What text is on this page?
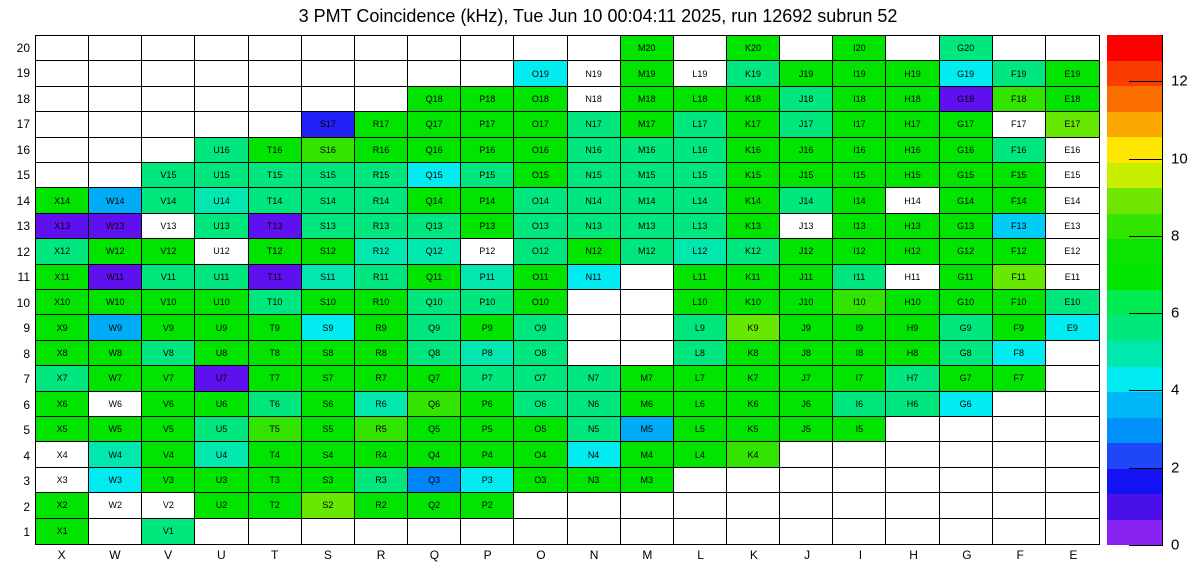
3 PMT Coincidence (kHz), Tue Jun 10 00:04:11 2025, run 12692 subrun 52
20
19
18
17
16
15
14
13
12
11
10
9
8
7
6
5
4
3
2
1
M20	K20	I20	G20
O19	N19	M19	L19	K19	J19	I19	H19	G19	F19	E19
Q18	P18	O18	N18	M18	L18	K18	J18	I18	H18	G18	F18	E18
S17	R17	Q17	P17	O17	N17	M17	L17	K17	J17	I17	H17	G17	F17	E17
U16	T16	S16	R16	Q16	P16	O16	N16	M16	L16	K16	J16	I16	H16	G16	F16	E16
V15	U15	T15	S15	R15	Q15	P15	O15	N15	M15	L15	K15	J15	I15	H15	G15	F15	E15
X14	W14	V14	U14	T14	S14	R14	Q14	P14	O14	N14	M14	L14	K14	J14	I14	H14	G14	F14	E14
X13	W13	V13	U13	T13	S13	R13	Q13	P13	O13	N13	M13	L13	K13	J13	I13	H13	G13	F13	E13
X12	W12	V12	U12	T12	S12	R12	Q12	P12	O12	N12	M12	L12	K12	J12	I12	H12	G12	F12	E12
X11	W11	V11	U11	T11	S11	R11	Q11	P11	O11	N11	L11	K11	J11	I11	H11	G11	F11	E11
X10	W10	V10	U10	T10	S10	R10	Q10	P10	O10	L10	K10	J10	I10	H10	G10	F10	E10
X9	W9	V9	U9	T9	S9	R9	Q9	P9	O9	L9	K9	J9	I9	H9	G9	F9	E9
X8	W8	V8	U8	T8	S8	R8	Q8	P8	O8	L8	K8	J8	I8	H8	G8	F8
X7	W7	V7	U7	T7	S7	R7	Q7	P7	O7	N7	M7	L7	K7	J7	I7	H7	G7	F7
X6	W6	V6	U6	T6	S6	R6	Q6	P6	O6	N6	M6	L6	K6	J6	I6	H6	G6
X5	W5	V5	U5	T5	S5	R5	Q5	P5	O5	N5	M5	L5	K5	J5	I5
X4	W4	V4	U4	T4	S4	R4	Q4	P4	O4	N4	M4	L4	K4
X3	W3	V3	U3	T3	S3	R3	Q3	P3	O3	N3	M3
X2	W2	V2	U2	T2	S2	R2	Q2	P2
X1	V1
X	W	V	U	T	S	R	Q	P	O	N	M	L	K	J	I	H	G	F	E
0
2
4
6
8
10
12
